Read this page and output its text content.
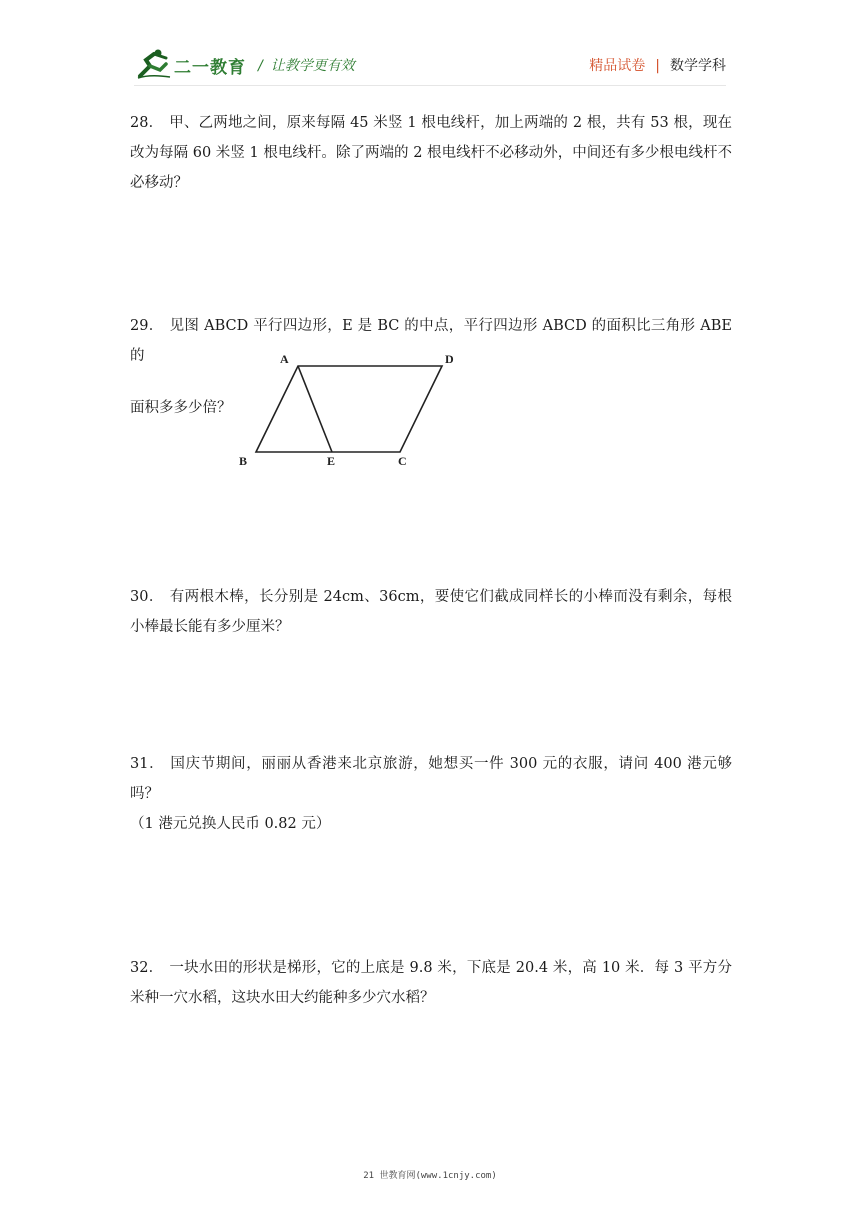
二一教育 / 让教学更有效	精品试卷 | 数学学科

28． 甲、乙两地之间，原来每隔 45 米竖 1 根电线杆，加上两端的 2 根，共有 53 根，现在改为每隔 60 米竖 1 根电线杆。除了两端的 2 根电线杆不必移动外，中间还有多少根电线杆不必移动？

29． 见图 ABCD 平行四边形，E 是 BC 的中点，平行四边形 ABCD 的面积比三角形 ABE 的

面积多多少倍？
A	D
B	E	C

30． 有两根木棒，长分别是 24cm、36cm，要使它们截成同样长的小棒而没有剩余，每根小棒最长能有多少厘米？

31． 国庆节期间，丽丽从香港来北京旅游，她想买一件 300 元的衣服，请问 400 港元够吗？

（1 港元兑换人民币 0.82 元）

32． 一块水田的形状是梯形，它的上底是 9.8 米，下底是 20.4 米，高 10 米．每 3 平方分米种一穴水稻，这块水田大约能种多少穴水稻？

21 世教育网(www.1cnjy.com)
